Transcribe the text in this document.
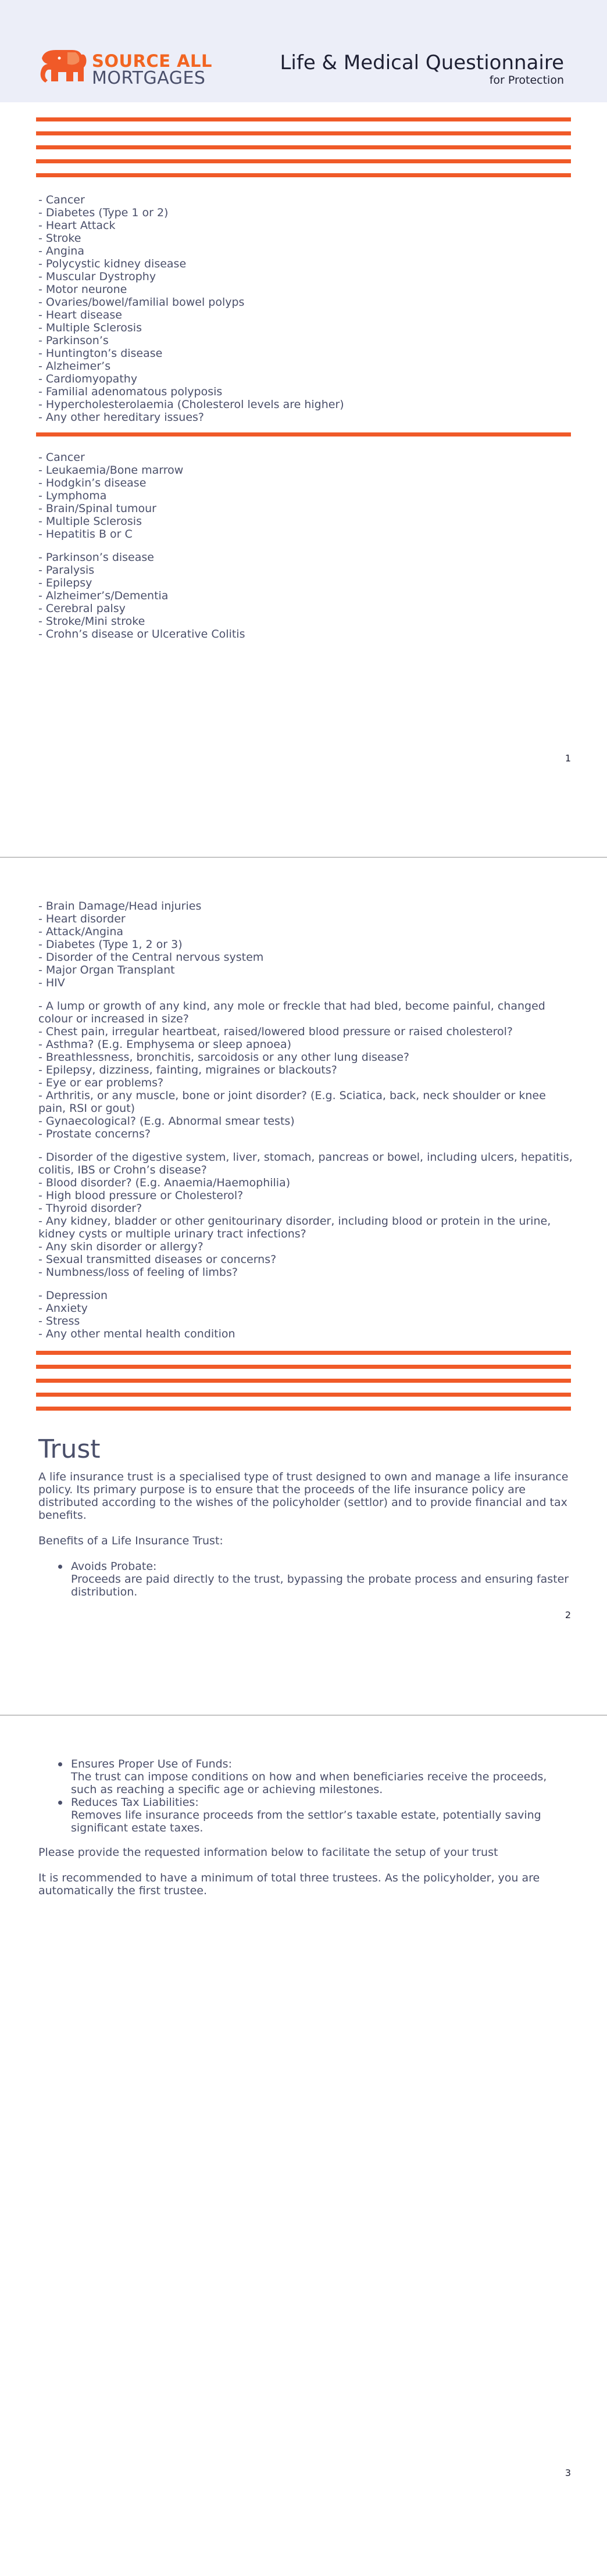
SOURCE ALL
MORTGAGES
Life & Medical Questionnaire
for Protection
- Cancer
- Diabetes (Type 1 or 2)
- Heart Attack
- Stroke
- Angina
- Polycystic kidney disease
- Muscular Dystrophy
- Motor neurone
- Ovaries/bowel/familial bowel polyps
- Heart disease
- Multiple Sclerosis
- Parkinson’s
- Huntington’s disease
- Alzheimer’s
- Cardiomyopathy
- Familial adenomatous polyposis
- Hypercholesterolaemia (Cholesterol levels are higher)
- Any other hereditary issues?
- Cancer
- Leukaemia/Bone marrow
- Hodgkin’s disease
- Lymphoma
- Brain/Spinal tumour
- Multiple Sclerosis
- Hepatitis B or C
- Parkinson’s disease
- Paralysis
- Epilepsy
- Alzheimer’s/Dementia
- Cerebral palsy
- Stroke/Mini stroke
- Crohn’s disease or Ulcerative Colitis
1
- Brain Damage/Head injuries
- Heart disorder
- Attack/Angina
- Diabetes (Type 1, 2 or 3)
- Disorder of the Central nervous system
- Major Organ Transplant
- HIV
- A lump or growth of any kind, any mole or freckle that had bled, become painful, changed colour or increased in size?
- Chest pain, irregular heartbeat, raised/lowered blood pressure or raised cholesterol?
- Asthma? (E.g. Emphysema or sleep apnoea)
- Breathlessness, bronchitis, sarcoidosis or any other lung disease?
- Epilepsy, dizziness, fainting, migraines or blackouts?
- Eye or ear problems?
- Arthritis, or any muscle, bone or joint disorder? (E.g. Sciatica, back, neck shoulder or knee pain, RSI or gout)
- Gynaecological? (E.g. Abnormal smear tests)
- Prostate concerns?
- Disorder of the digestive system, liver, stomach, pancreas or bowel, including ulcers, hepatitis, colitis, IBS or Crohn’s disease?
- Blood disorder? (E.g. Anaemia/Haemophilia)
- High blood pressure or Cholesterol?
- Thyroid disorder?
- Any kidney, bladder or other genitourinary disorder, including blood or protein in the urine, kidney cysts or multiple urinary tract infections?
- Any skin disorder or allergy?
- Sexual transmitted diseases or concerns?
- Numbness/loss of feeling of limbs?
- Depression
- Anxiety
- Stress
- Any other mental health condition
Trust
A life insurance trust is a specialised type of trust designed to own and manage a life insurance policy. Its primary purpose is to ensure that the proceeds of the life insurance policy are distributed according to the wishes of the policyholder (settlor) and to provide financial and tax benefits.
Benefits of a Life Insurance Trust:
Avoids Probate:
Proceeds are paid directly to the trust, bypassing the probate process and ensuring faster distribution.
2
Ensures Proper Use of Funds:
The trust can impose conditions on how and when beneficiaries receive the proceeds, such as reaching a specific age or achieving milestones.
Reduces Tax Liabilities:
Removes life insurance proceeds from the settlor’s taxable estate, potentially saving significant estate taxes.
Please provide the requested information below to facilitate the setup of your trust
It is recommended to have a minimum of total three trustees. As the policyholder, you are automatically the first trustee.
3
